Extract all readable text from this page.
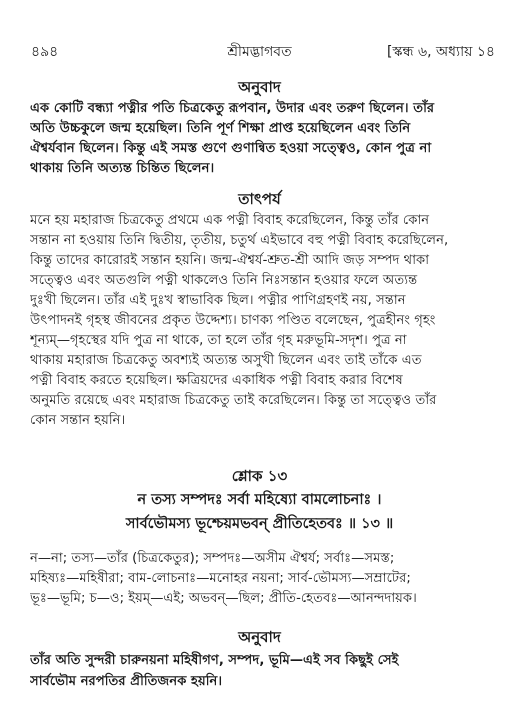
৪৯৪	শ্রীমদ্ভাগবত	[স্কন্ধ ৬, অধ্যায় ১৪
অনুবাদ
এক কোটি বন্ধ্যা পত্নীর পতি চিত্রকেতু রূপবান, উদার এবং তরুণ ছিলেন। তাঁর
অতি উচ্চকুলে জন্ম হয়েছিল। তিনি পূর্ণ শিক্ষা প্রাপ্ত হয়েছিলেন এবং তিনি
ঐশ্বর্যবান ছিলেন। কিন্তু এই সমস্ত গুণে গুণান্বিত হওয়া সত্ত্বেও, কোন পুত্র না
থাকায় তিনি অত্যন্ত চিন্তিত ছিলেন।
তাৎপর্য
মনে হয় মহারাজ চিত্রকেতু প্রথমে এক পত্নী বিবাহ করেছিলেন, কিন্তু তাঁর কোন
সন্তান না হওয়ায় তিনি দ্বিতীয়, তৃতীয়, চতুর্থ এইভাবে বহু পত্নী বিবাহ করেছিলেন,
কিন্তু তাদের কারোরই সন্তান হয়নি। জন্ম-ঐশ্বর্য-শ্রুত-শ্রী আদি জড় সম্পদ থাকা
সত্ত্বেও এবং অতগুলি পত্নী থাকলেও তিনি নিঃসন্তান হওয়ার ফলে অত্যন্ত
দুঃখী ছিলেন। তাঁর এই দুঃখ স্বাভাবিক ছিল। পত্নীর পাণিগ্রহণই নয়, সন্তান
উৎপাদনই গৃহস্থ জীবনের প্রকৃত উদ্দেশ্য। চাণক্য পণ্ডিত বলেছেন, পুত্রহীনং গৃহং
শূন্যম্—গৃহস্থের যদি পুত্র না থাকে, তা হলে তাঁর গৃহ মরুভূমি-সদৃশ। পুত্র না
থাকায় মহারাজ চিত্রকেতু অবশ্যই অত্যন্ত অসুখী ছিলেন এবং তাই তাঁকে এত
পত্নী বিবাহ করতে হয়েছিল। ক্ষত্রিয়দের একাধিক পত্নী বিবাহ করার বিশেষ
অনুমতি রয়েছে এবং মহারাজ চিত্রকেতু তাই করেছিলেন। কিন্তু তা সত্ত্বেও তাঁর
কোন সন্তান হয়নি।
শ্লোক ১৩
ন তস্য সম্পদঃ সর্বা মহিষ্যো বামলোচনাঃ ।
সার্বভৌমস্য ভূশ্চেয়মভবন্ প্রীতিহেতবঃ ॥ ১৩ ॥
ন—না; তস্য—তাঁর (চিত্রকেতুর); সম্পদঃ—অসীম ঐশ্বর্য; সর্বাঃ—সমস্ত;
মহিষ্যঃ—মহিষীরা; বাম-লোচনাঃ—মনোহর নয়না; সার্ব-ভৌমস্য—সম্রাটের;
ভূঃ—ভূমি; চ—ও; ইয়ম্—এই; অভবন্—ছিল; প্রীতি-হেতবঃ—আনন্দদায়ক।
অনুবাদ
তাঁর অতি সুন্দরী চারুনয়না মহিষীগণ, সম্পদ, ভূমি—এই সব কিছুই সেই
সার্বভৌম নরপতির প্রীতিজনক হয়নি।
